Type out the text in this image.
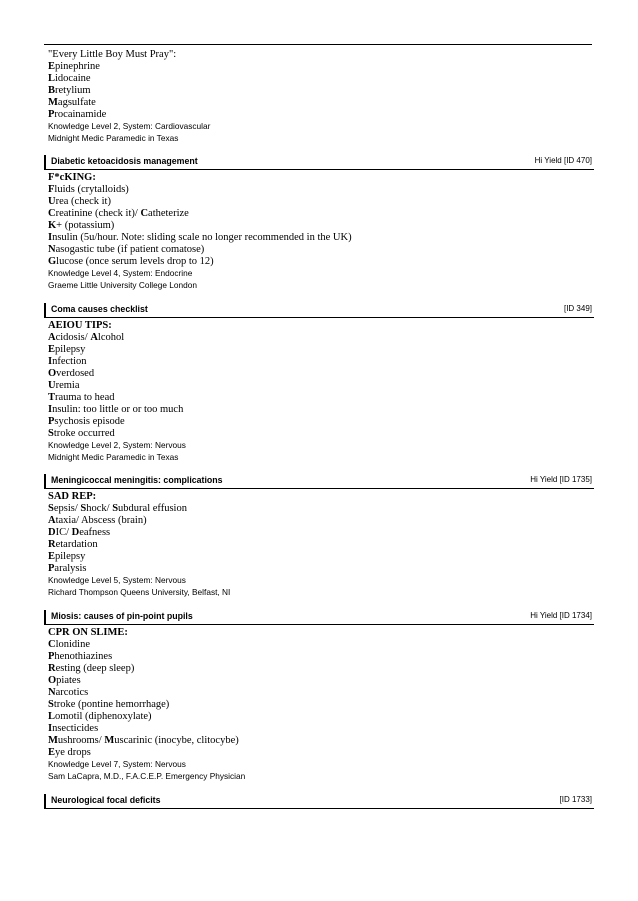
"Every Little Boy Must Pray":
Epinephrine
Lidocaine
Bretylium
Magsulfate
Procainamide
Knowledge Level 2, System: Cardiovascular
Midnight Medic Paramedic in Texas
Diabetic ketoacidosis management	Hi Yield [ID 470]
F*cKING:
Fluids (crytalloids)
Urea (check it)
Creatinine (check it)/ Catheterize
K+ (potassium)
Insulin (5u/hour. Note: sliding scale no longer recommended in the UK)
Nasogastic tube (if patient comatose)
Glucose (once serum levels drop to 12)
Knowledge Level 4, System: Endocrine
Graeme Little University College London
Coma causes checklist	[ID 349]
AEIOU TIPS:
Acidosis/ Alcohol
Epilepsy
Infection
Overdosed
Uremia
Trauma to head
Insulin: too little or or too much
Psychosis episode
Stroke occurred
Knowledge Level 2, System: Nervous
Midnight Medic Paramedic in Texas
Meningicoccal meningitis: complications	Hi Yield [ID 1735]
SAD REP:
Sepsis/ Shock/ Subdural effusion
Ataxia/ Abscess (brain)
DIC/ Deafness
Retardation
Epilepsy
Paralysis
Knowledge Level 5, System: Nervous
Richard Thompson Queens University, Belfast, NI
Miosis: causes of pin-point pupils	Hi Yield [ID 1734]
CPR ON SLIME:
Clonidine
Phenothiazines
Resting (deep sleep)
Opiates
Narcotics
Stroke (pontine hemorrhage)
Lomotil (diphenoxylate)
Insecticides
Mushrooms/ Muscarinic (inocybe, clitocybe)
Eye drops
Knowledge Level 7, System: Nervous
Sam LaCapra, M.D., F.A.C.E.P. Emergency Physician
Neurological focal deficits	[ID 1733]
